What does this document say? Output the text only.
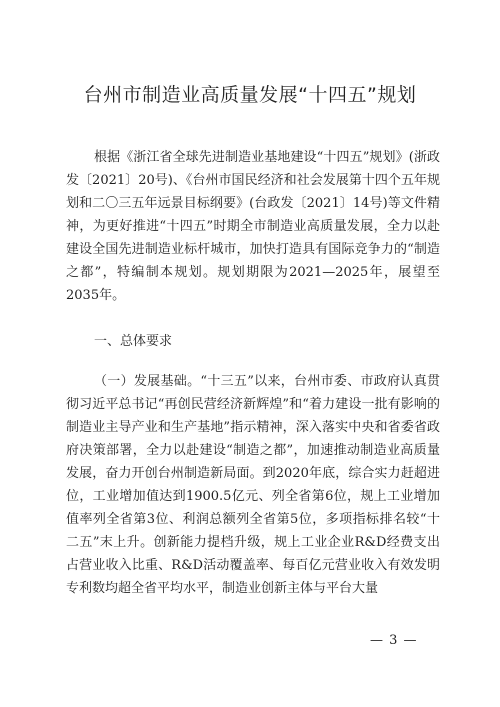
台州市制造业高质量发展“十四五”规划

根据《浙江省全球先进制造业基地建设“十四五”规划》(浙政发〔2021〕20号)、《台州市国民经济和社会发展第十四个五年规划和二〇三五年远景目标纲要》(台政发〔2021〕14号)等文件精神，为更好推进“十四五”时期全市制造业高质量发展，全力以赴建设全国先进制造业标杆城市，加快打造具有国际竞争力的“制造之都”，特编制本规划。规划期限为2021—2025年，展望至2035年。

一、总体要求

（一）发展基础。“十三五”以来，台州市委、市政府认真贯彻习近平总书记“再创民营经济新辉煌”和“着力建设一批有影响的制造业主导产业和生产基地”指示精神，深入落实中央和省委省政府决策部署，全力以赴建设“制造之都”，加速推动制造业高质量发展，奋力开创台州制造新局面。到2020年底，综合实力赶超进位，工业增加值达到1900.5亿元、列全省第6位，规上工业增加值率列全省第3位、利润总额列全省第5位，多项指标排名较“十二五”末上升。创新能力提档升级，规上工业企业R&D经费支出占营业收入比重、R&D活动覆盖率、每百亿元营业收入有效发明专利数均超全省平均水平，制造业创新主体与平台大量

— 3 —
